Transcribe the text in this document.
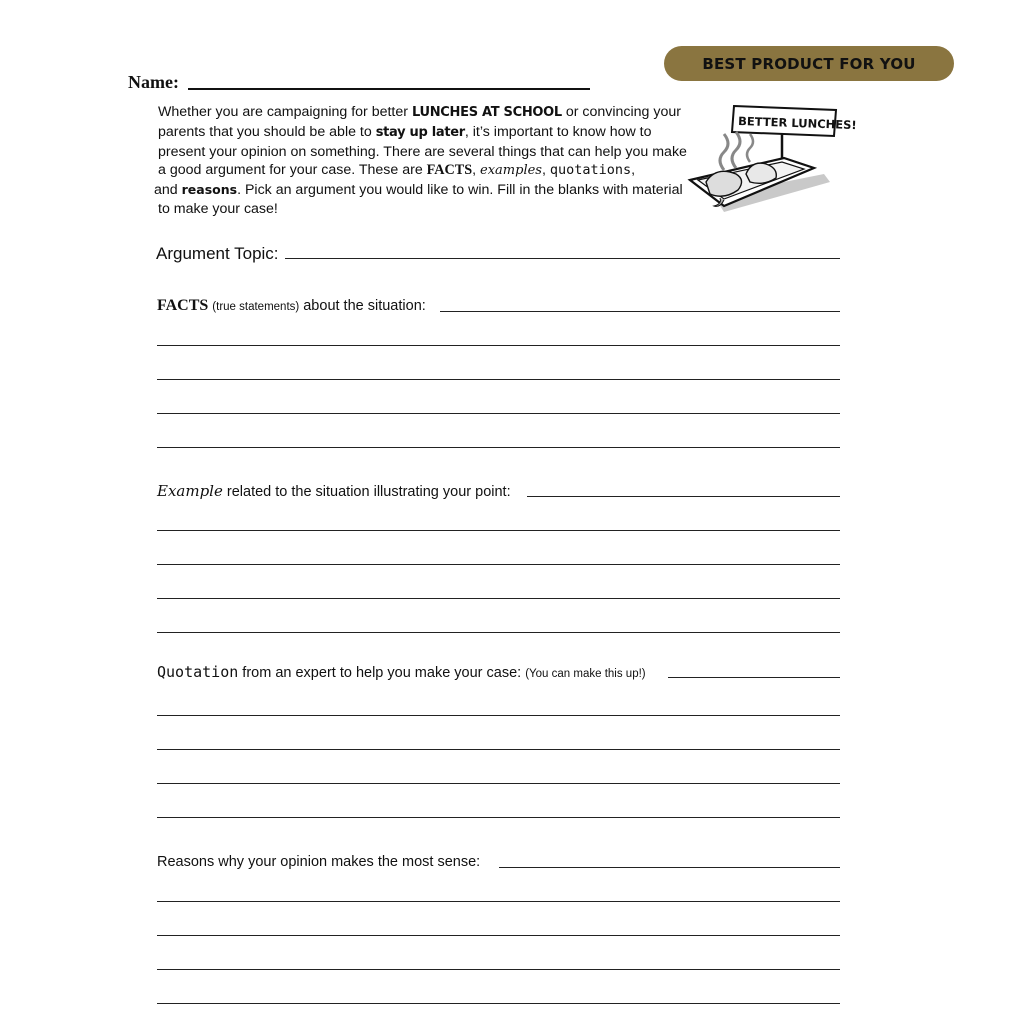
BEST PRODUCT FOR YOU
Name:
Whether you are campaigning for better LUNCHES AT SCHOOL or convincing your parents that you should be able to stay up later, it’s important to know how to present your opinion on something. There are several things that can help you make a good argument for your case. These are FACTS, examples, quotations,
and reasons. Pick an argument you would like to win. Fill in the blanks with material to make your case!
BETTER LUNCHES!
Argument Topic:
FACTS (true statements) about the situation:
Example related to the situation illustrating your point:
Quotation from an expert to help you make your case: (You can make this up!)
Reasons why your opinion makes the most sense:
